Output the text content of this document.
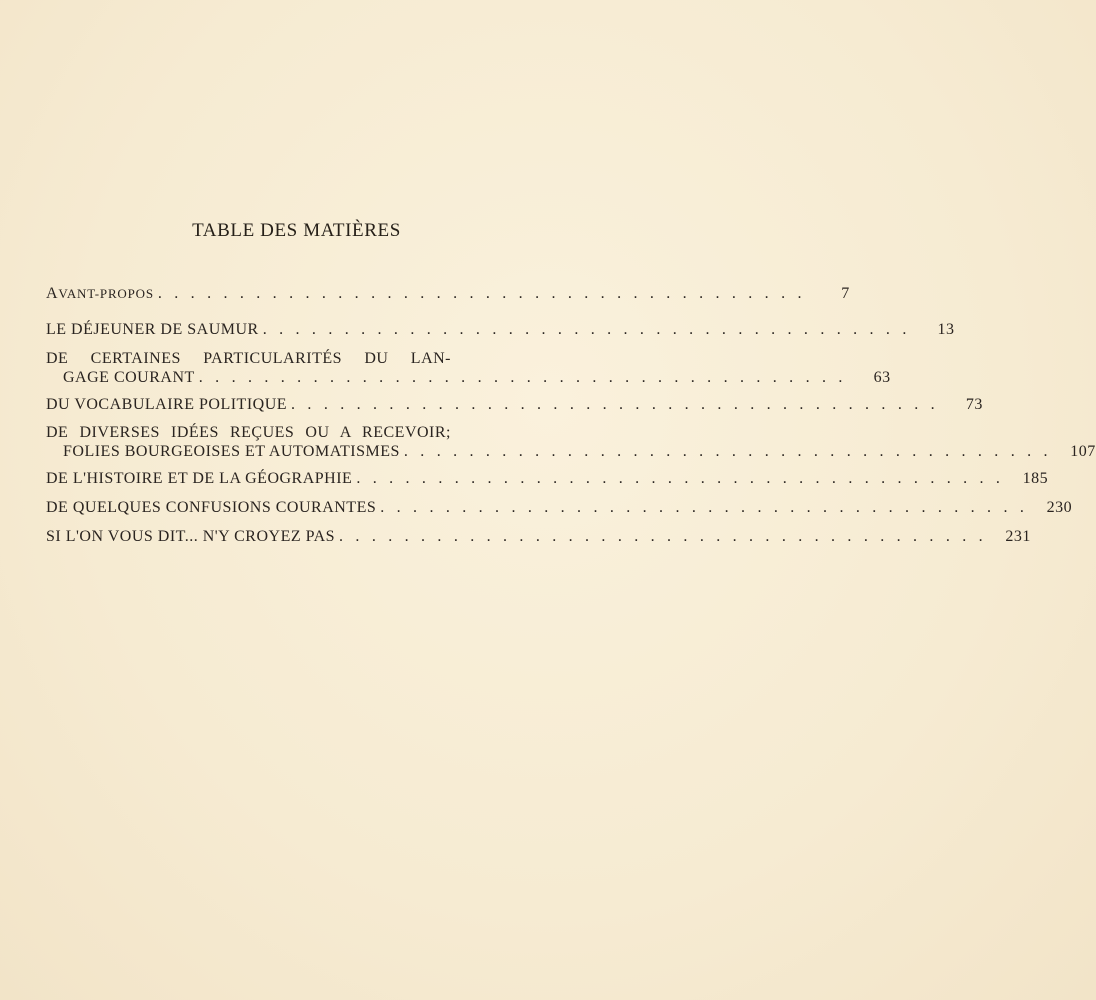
TABLE DES MATIÈRES
AVANT-PROPOS . . . . . . . . . . . . . . . . . . . . . . . . . . . . . . . . . . . . . . . .	7
LE DÉJEUNER DE SAUMUR . . . . . . . . . . . . . . . . . . . . . . . . . . . . . . . . . . . . . . . .	13
DE CERTAINES PARTICULARITÉS DU LAN-
GAGE COURANT . . . . . . . . . . . . . . . . . . . . . . . . . . . . . . . . . . . . . . . .	63
DU VOCABULAIRE POLITIQUE . . . . . . . . . . . . . . . . . . . . . . . . . . . . . . . . . . . . . . . .	73
DE DIVERSES IDÉES REÇUES OU A RECEVOIR;
FOLIES BOURGEOISES ET AUTOMATISMES . . . . . . . . . . . . . . . . . . . . . . . . . . . . . . . . . . . . . . . .	107
DE L'HISTOIRE ET DE LA GÉOGRAPHIE . . . . . . . . . . . . . . . . . . . . . . . . . . . . . . . . . . . . . . . .	185
DE QUELQUES CONFUSIONS COURANTES . . . . . . . . . . . . . . . . . . . . . . . . . . . . . . . . . . . . . . . .	230
SI L'ON VOUS DIT... N'Y CROYEZ PAS . . . . . . . . . . . . . . . . . . . . . . . . . . . . . . . . . . . . . . . .	231
